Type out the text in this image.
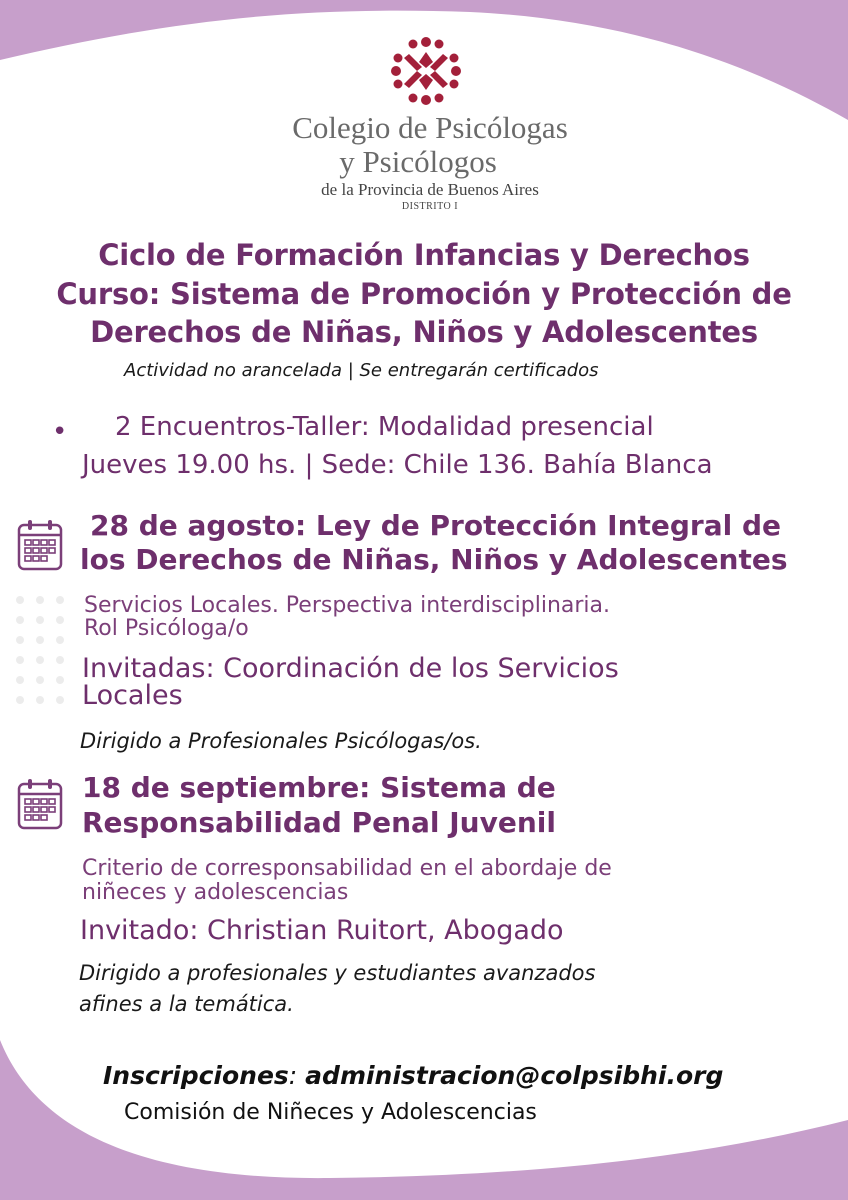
Colegio de Psicólogas
y Psicólogos
de la Provincia de Buenos Aires
DISTRITO I
Ciclo de Formación Infancias y Derechos
Curso: Sistema de Promoción y Protección de
Derechos de Niñas, Niños y Adolescentes
Actividad no arancelada | Se entregarán certificados
• 2 Encuentros-Taller: Modalidad presencial
Jueves 19.00 hs. | Sede: Chile 136. Bahía Blanca
28 de agosto: Ley de Protección Integral de
los Derechos de Niñas, Niños y Adolescentes
Servicios Locales. Perspectiva interdisciplinaria.
Rol Psicóloga/o
Invitadas: Coordinación de los Servicios
Locales
Dirigido a Profesionales Psicólogas/os.
18 de septiembre: Sistema de
Responsabilidad Penal Juvenil
Criterio de corresponsabilidad en el abordaje de
niñeces y adolescencias
Invitado: Christian Ruitort, Abogado
Dirigido a profesionales y estudiantes avanzados
afines a la temática.
Inscripciones: administracion@colpsibhi.org
Comisión de Niñeces y Adolescencias
